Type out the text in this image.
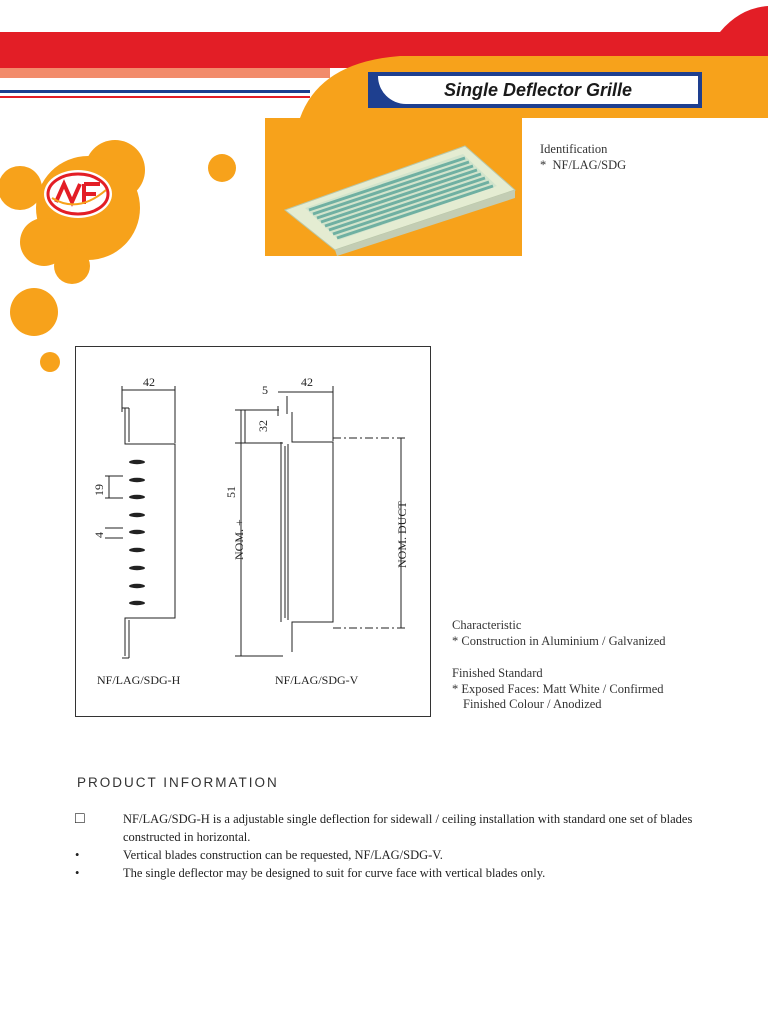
Single Deflector Grille
Identification
*  NF/LAG/SDG
42
5
42
32
19
4
51
NOM. +	NOM. DUCT
NF/LAG/SDG-H	NF/LAG/SDG-V
Characteristic
* Construction in Aluminium / Galvanized
Finished Standard
* Exposed Faces: Matt White / Confirmed
Finished Colour / Anodized
PRODUCT INFORMATION
□	NF/LAG/SDG-H is a adjustable single deflection for sidewall / ceiling installation with standard one set of blades constructed in horizontal.
•	Vertical blades construction can be requested, NF/LAG/SDG-V.
•	The single deflector may be designed to suit for curve face with vertical blades only.
